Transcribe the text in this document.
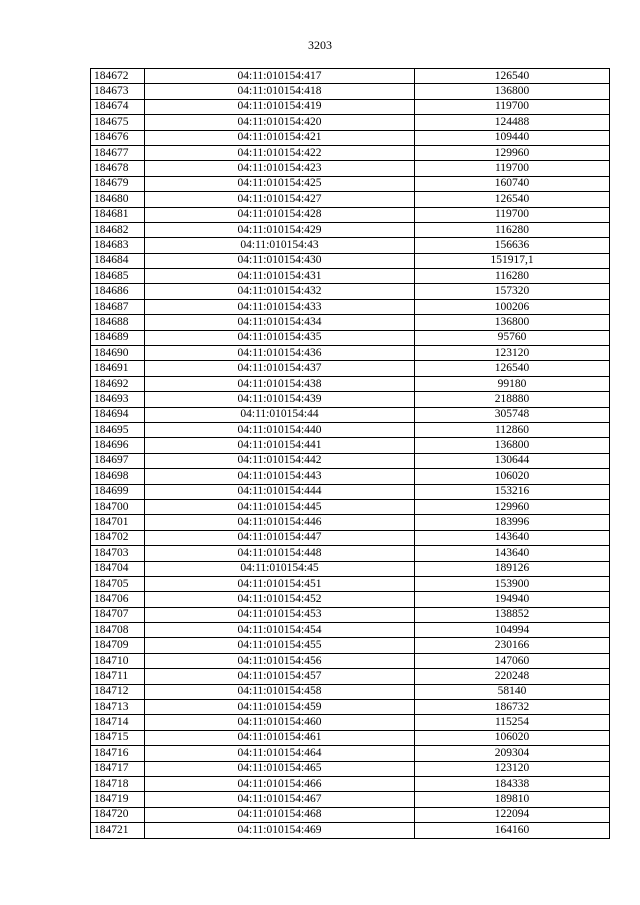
3203
184672	04:11:010154:417	126540
184673	04:11:010154:418	136800
184674	04:11:010154:419	119700
184675	04:11:010154:420	124488
184676	04:11:010154:421	109440
184677	04:11:010154:422	129960
184678	04:11:010154:423	119700
184679	04:11:010154:425	160740
184680	04:11:010154:427	126540
184681	04:11:010154:428	119700
184682	04:11:010154:429	116280
184683	04:11:010154:43	156636
184684	04:11:010154:430	151917,1
184685	04:11:010154:431	116280
184686	04:11:010154:432	157320
184687	04:11:010154:433	100206
184688	04:11:010154:434	136800
184689	04:11:010154:435	95760
184690	04:11:010154:436	123120
184691	04:11:010154:437	126540
184692	04:11:010154:438	99180
184693	04:11:010154:439	218880
184694	04:11:010154:44	305748
184695	04:11:010154:440	112860
184696	04:11:010154:441	136800
184697	04:11:010154:442	130644
184698	04:11:010154:443	106020
184699	04:11:010154:444	153216
184700	04:11:010154:445	129960
184701	04:11:010154:446	183996
184702	04:11:010154:447	143640
184703	04:11:010154:448	143640
184704	04:11:010154:45	189126
184705	04:11:010154:451	153900
184706	04:11:010154:452	194940
184707	04:11:010154:453	138852
184708	04:11:010154:454	104994
184709	04:11:010154:455	230166
184710	04:11:010154:456	147060
184711	04:11:010154:457	220248
184712	04:11:010154:458	58140
184713	04:11:010154:459	186732
184714	04:11:010154:460	115254
184715	04:11:010154:461	106020
184716	04:11:010154:464	209304
184717	04:11:010154:465	123120
184718	04:11:010154:466	184338
184719	04:11:010154:467	189810
184720	04:11:010154:468	122094
184721	04:11:010154:469	164160
